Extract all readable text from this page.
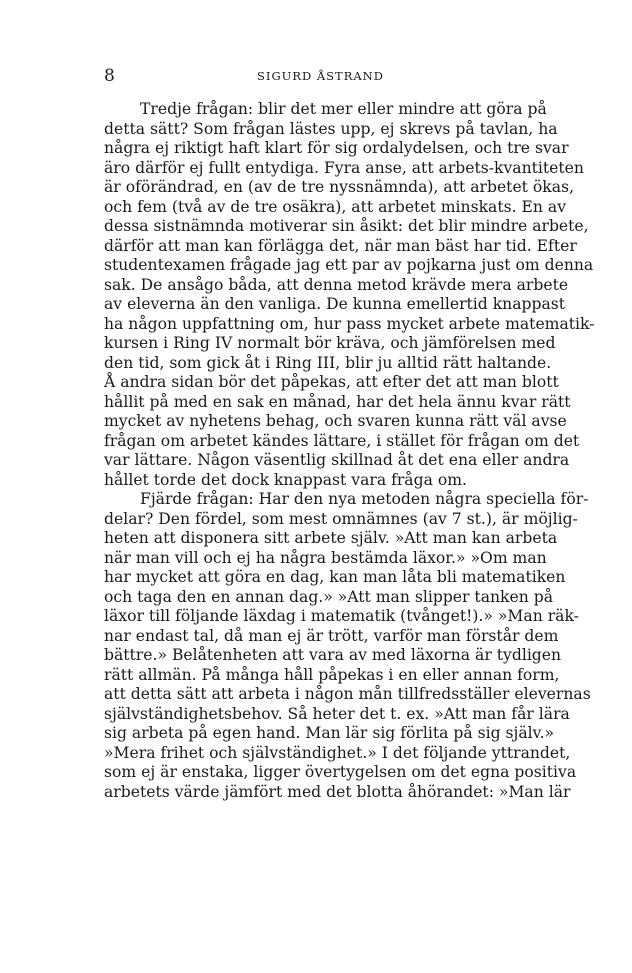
8	SIGURD ÅSTRAND
Tredje frågan: blir det mer eller mindre att göra på
detta sätt? Som frågan lästes upp, ej skrevs på tavlan, ha
några ej riktigt haft klart för sig ordalydelsen, och tre svar
äro därför ej fullt entydiga. Fyra anse, att arbets-kvantiteten
är oförändrad, en (av de tre nyssnämnda), att arbetet ökas,
och fem (två av de tre osäkra), att arbetet minskats. En av
dessa sistnämnda motiverar sin åsikt: det blir mindre arbete,
därför att man kan förlägga det, när man bäst har tid. Efter
studentexamen frågade jag ett par av pojkarna just om denna
sak. De ansågo båda, att denna metod krävde mera arbete
av eleverna än den vanliga. De kunna emellertid knappast
ha någon uppfattning om, hur pass mycket arbete matematik-
kursen i Ring IV normalt bör kräva, och jämförelsen med
den tid, som gick åt i Ring III, blir ju alltid rätt haltande.
Å andra sidan bör det påpekas, att efter det att man blott
hållit på med en sak en månad, har det hela ännu kvar rätt
mycket av nyhetens behag, och svaren kunna rätt väl avse
frågan om arbetet kändes lättare, i stället för frågan om det
var lättare. Någon väsentlig skillnad åt det ena eller andra
hållet torde det dock knappast vara fråga om.
Fjärde frågan: Har den nya metoden några speciella för-
delar? Den fördel, som mest omnämnes (av 7 st.), är möjlig-
heten att disponera sitt arbete själv. »Att man kan arbeta
när man vill och ej ha några bestämda läxor.» »Om man
har mycket att göra en dag, kan man låta bli matematiken
och taga den en annan dag.» »Att man slipper tanken på
läxor till följande läxdag i matematik (tvånget!).» »Man räk-
nar endast tal, då man ej är trött, varför man förstår dem
bättre.» Belåtenheten att vara av med läxorna är tydligen
rätt allmän. På många håll påpekas i en eller annan form,
att detta sätt att arbeta i någon mån tillfredsställer elevernas
självständighetsbehov. Så heter det t. ex. »Att man får lära
sig arbeta på egen hand. Man lär sig förlita på sig själv.»
»Mera frihet och självständighet.» I det följande yttrandet,
som ej är enstaka, ligger övertygelsen om det egna positiva
arbetets värde jämfört med det blotta åhörandet: »Man lär
